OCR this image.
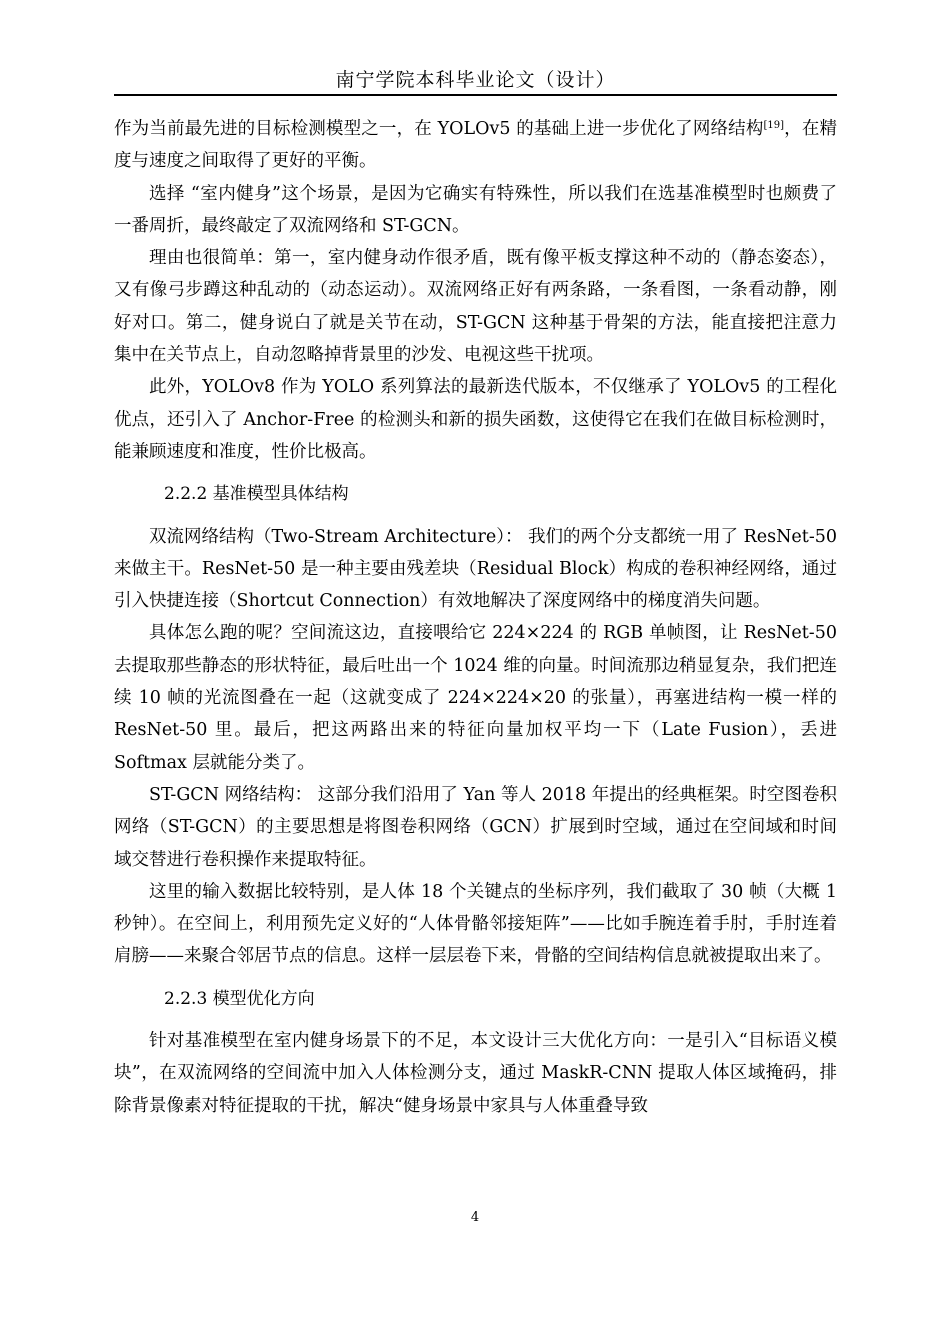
南宁学院本科毕业论文（设计）

作为当前最先进的目标检测模型之一，在 YOLOv5 的基础上进一步优化了网络结构[19]，在精度与速度之间取得了更好的平衡。

选择 “室内健身”这个场景，是因为它确实有特殊性，所以我们在选基准模型时也颇费了一番周折，最终敲定了双流网络和 ST-GCN。

理由也很简单：第一，室内健身动作很矛盾，既有像平板支撑这种不动的（静态姿态），又有像弓步蹲这种乱动的（动态运动）。双流网络正好有两条路，一条看图，一条看动静，刚好对口。第二，健身说白了就是关节在动，ST-GCN 这种基于骨架的方法，能直接把注意力集中在关节点上，自动忽略掉背景里的沙发、电视这些干扰项。

此外，YOLOv8 作为 YOLO 系列算法的最新迭代版本，不仅继承了 YOLOv5 的工程化优点，还引入了 Anchor-Free 的检测头和新的损失函数，这使得它在我们在做目标检测时，能兼顾速度和准度，性价比极高。

2.2.2 基准模型具体结构

双流网络结构（Two-Stream Architecture）： 我们的两个分支都统一用了 ResNet-50 来做主干。ResNet-50 是一种主要由残差块（Residual Block）构成的卷积神经网络，通过引入快捷连接（Shortcut Connection）有效地解决了深度网络中的梯度消失问题。

具体怎么跑的呢？空间流这边，直接喂给它 224×224 的 RGB 单帧图，让 ResNet-50 去提取那些静态的形状特征，最后吐出一个 1024 维的向量。时间流那边稍显复杂，我们把连续 10 帧的光流图叠在一起（这就变成了 224×224×20 的张量），再塞进结构一模一样的 ResNet-50 里。最后，把这两路出来的特征向量加权平均一下（Late Fusion），丢进 Softmax 层就能分类了。

ST-GCN 网络结构： 这部分我们沿用了 Yan 等人 2018 年提出的经典框架。时空图卷积网络（ST-GCN）的主要思想是将图卷积网络（GCN）扩展到时空域，通过在空间域和时间域交替进行卷积操作来提取特征。

这里的输入数据比较特别，是人体 18 个关键点的坐标序列，我们截取了 30 帧（大概 1 秒钟）。在空间上，利用预先定义好的“人体骨骼邻接矩阵”——比如手腕连着手肘，手肘连着肩膀——来聚合邻居节点的信息。这样一层层卷下来，骨骼的空间结构信息就被提取出来了。

2.2.3 模型优化方向

针对基准模型在室内健身场景下的不足，本文设计三大优化方向：一是引入“目标语义模块”，在双流网络的空间流中加入人体检测分支，通过 MaskR-CNN 提取人体区域掩码，排除背景像素对特征提取的干扰，解决“健身场景中家具与人体重叠导致

4
